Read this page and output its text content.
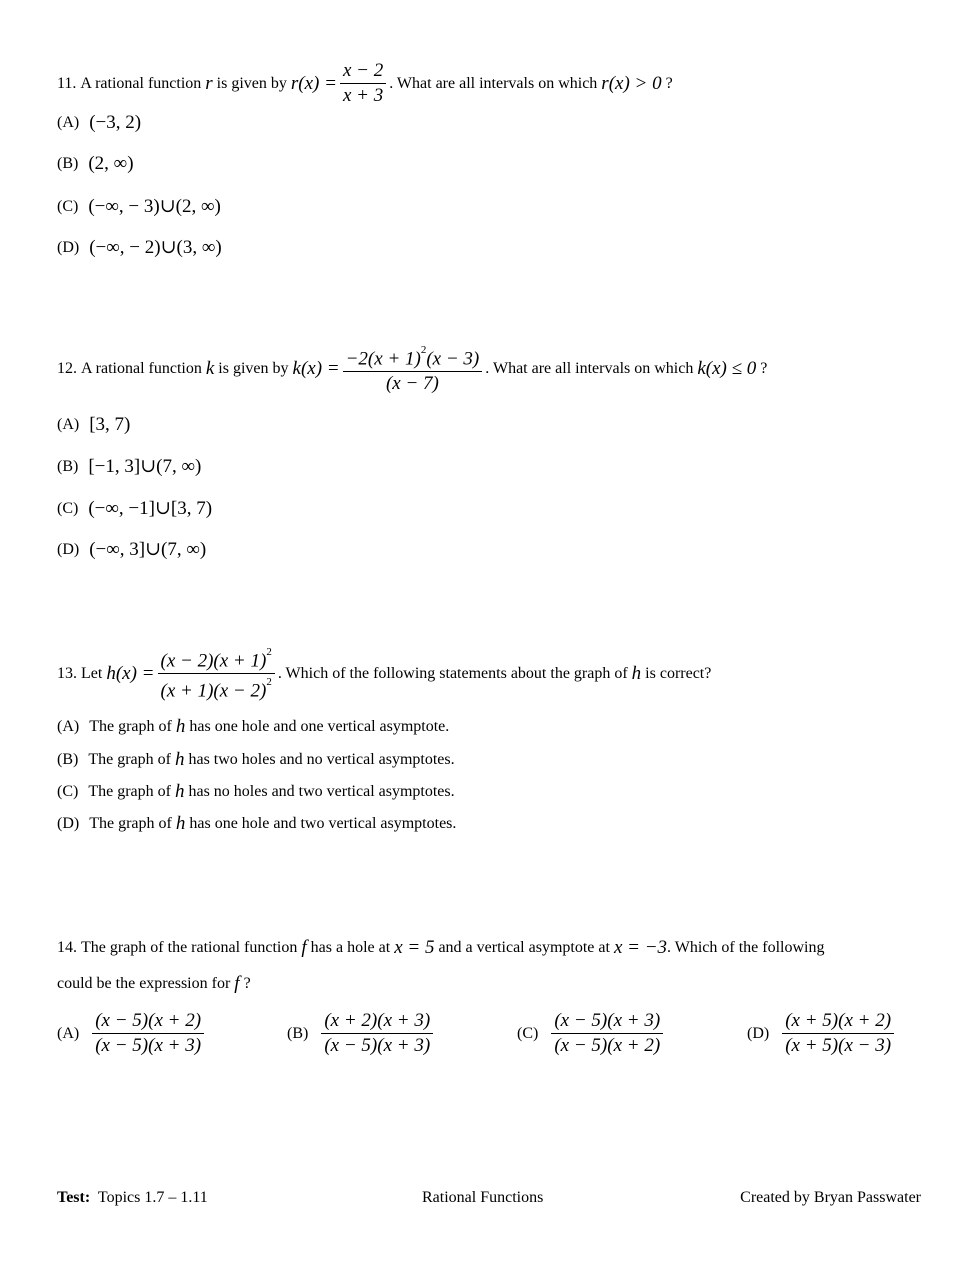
11.
A rational function
r
is given by
$r(x) = \frac{x - 2}{x + 3}$ . What are all intervals on which
r(x) > 0
?
(A) (−3, 2)
(B) (2, ∞)
(C) (−∞, − 3)∪(2, ∞)
(D) (−∞, − 2)∪(3, ∞)
12.
A rational function
k
is given by
$k(x) = \frac{-2(x + 1)^2(x - 3)}{(x - 7)}$ . What are all intervals on which
k(x) ≤ 0
?
(A) [3, 7)
(B) [−1, 3]∪(7, ∞)
(C) (−∞, −1]∪[3, 7)
(D) (−∞, 3]∪(7, ∞)
13.
Let
$h(x) = \frac{(x - 2)(x + 1)^2}{(x + 1)(x - 2)^2}$ . Which of the following statements about the graph of
h
is correct?
(A) The graph of
h
has one hole and one vertical asymptote.
(B) The graph of
h
has two holes and no vertical asymptotes.
(C) The graph of
h
has no holes and two vertical asymptotes.
(D) The graph of
h
has one hole and two vertical asymptotes.
14.
The graph of the rational function
f
has a hole at
x = 5
and a vertical asymptote at
x = −3 . Which of the following
could be the expression for
f
?
$(A) \frac{(x - 5)(x + 2)}{(x - 5)(x + 3)}$	$(B) \frac{(x + 2)(x + 3)}{(x - 5)(x + 3)}$	$(C) \frac{(x - 5)(x + 3)}{(x - 5)(x + 2)}$	$(D) \frac{(x + 5)(x + 2)}{(x + 5)(x - 3)}$
Test: Topics 1.7 – 1.11	Rational Functions	Created by Bryan Passwater
